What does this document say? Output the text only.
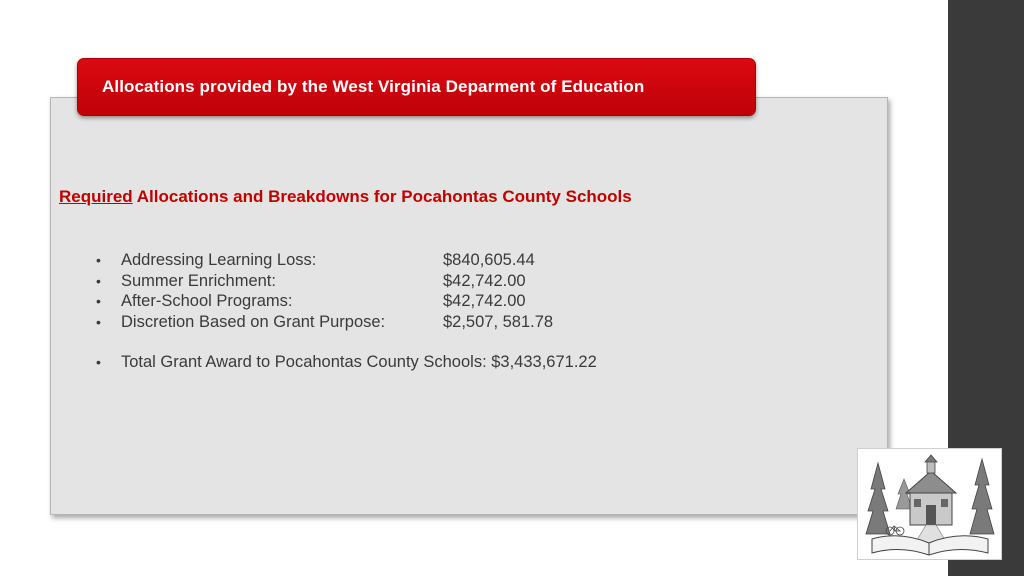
Allocations provided by the West Virginia Deparment of Education
Required Allocations and Breakdowns for Pocahontas County Schools
• Addressing Learning Loss:	$840,605.44
• Summer Enrichment:	$42,742.00
• After-School Programs:	$42,742.00
• Discretion Based on Grant Purpose:	$2,507, 581.78
• Total Grant Award to Pocahontas County Schools: $3,433,671.22
